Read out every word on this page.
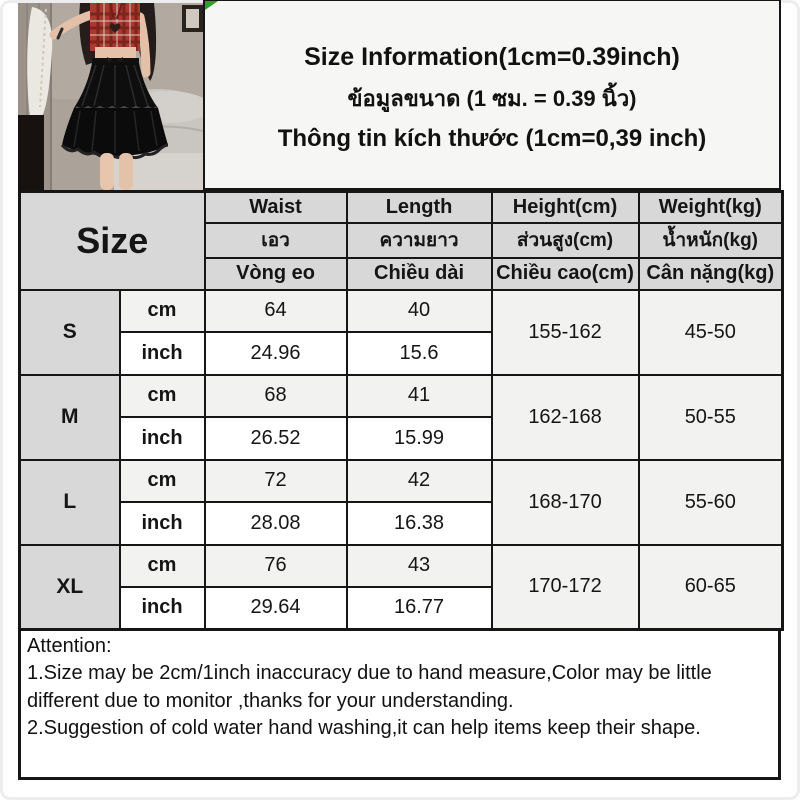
Size Information(1cm=0.39inch)
ข้อมูลขนาด (1 ซม. = 0.39 นิ้ว)
Thông tin kích thước (1cm=0,39 inch)
Size		Waist	Length	Height(cm)	Weight(kg)
		เอว	ความยาว	ส่วนสูง(cm)	น้ำหนัก(kg)
		Vòng eo	Chiều dài	Chiều cao(cm)	Cân nặng(kg)
S	cm	64	40	155-162	45-50
	inch	24.96	15.6		
M	cm	68	41	162-168	50-55
	inch	26.52	15.99		
L	cm	72	42	168-170	55-60
	inch	28.08	16.38		
XL	cm	76	43	170-172	60-65
	inch	29.64	16.77		
Attention:
1.Size may be 2cm/1inch inaccuracy due to hand measure,Color may be little different due to monitor ,thanks for your understanding.
2.Suggestion of cold water hand washing,it can help items keep their shape.
